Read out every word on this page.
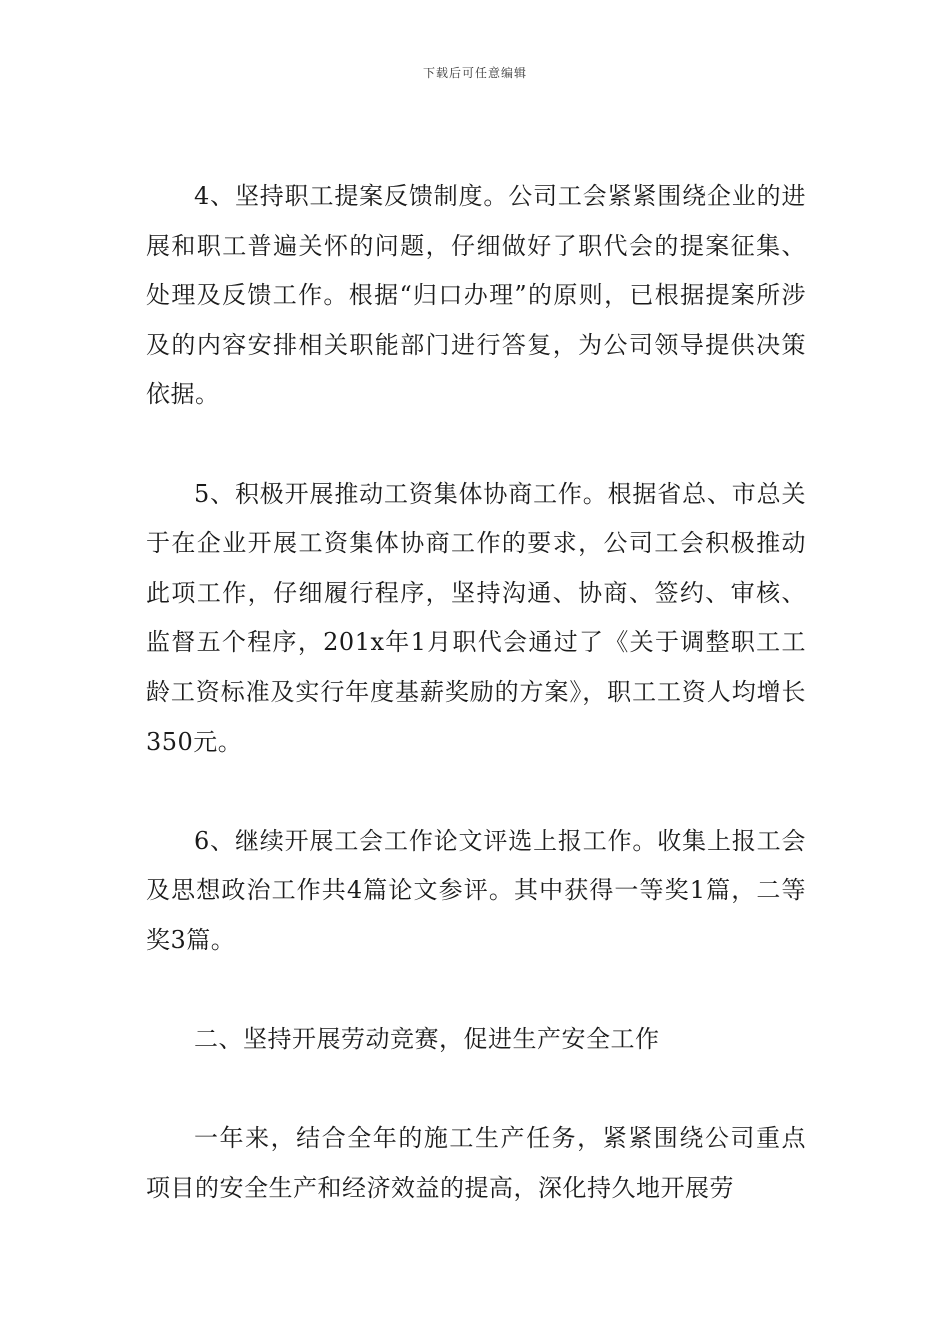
下载后可任意编辑

4、坚持职工提案反馈制度。公司工会紧紧围绕企业的进展和职工普遍关怀的问题，仔细做好了职代会的提案征集、处理及反馈工作。根据“归口办理”的原则，已根据提案所涉及的内容安排相关职能部门进行答复，为公司领导提供决策依据。

5、积极开展推动工资集体协商工作。根据省总、市总关于在企业开展工资集体协商工作的要求，公司工会积极推动此项工作，仔细履行程序，坚持沟通、协商、签约、审核、监督五个程序，201x年1月职代会通过了《关于调整职工工龄工资标准及实行年度基薪奖励的方案》，职工工资人均增长350元。

6、继续开展工会工作论文评选上报工作。收集上报工会及思想政治工作共4篇论文参评。其中获得一等奖1篇，二等奖3篇。

二、坚持开展劳动竞赛，促进生产安全工作

一年来，结合全年的施工生产任务，紧紧围绕公司重点项目的安全生产和经济效益的提高，深化持久地开展劳
